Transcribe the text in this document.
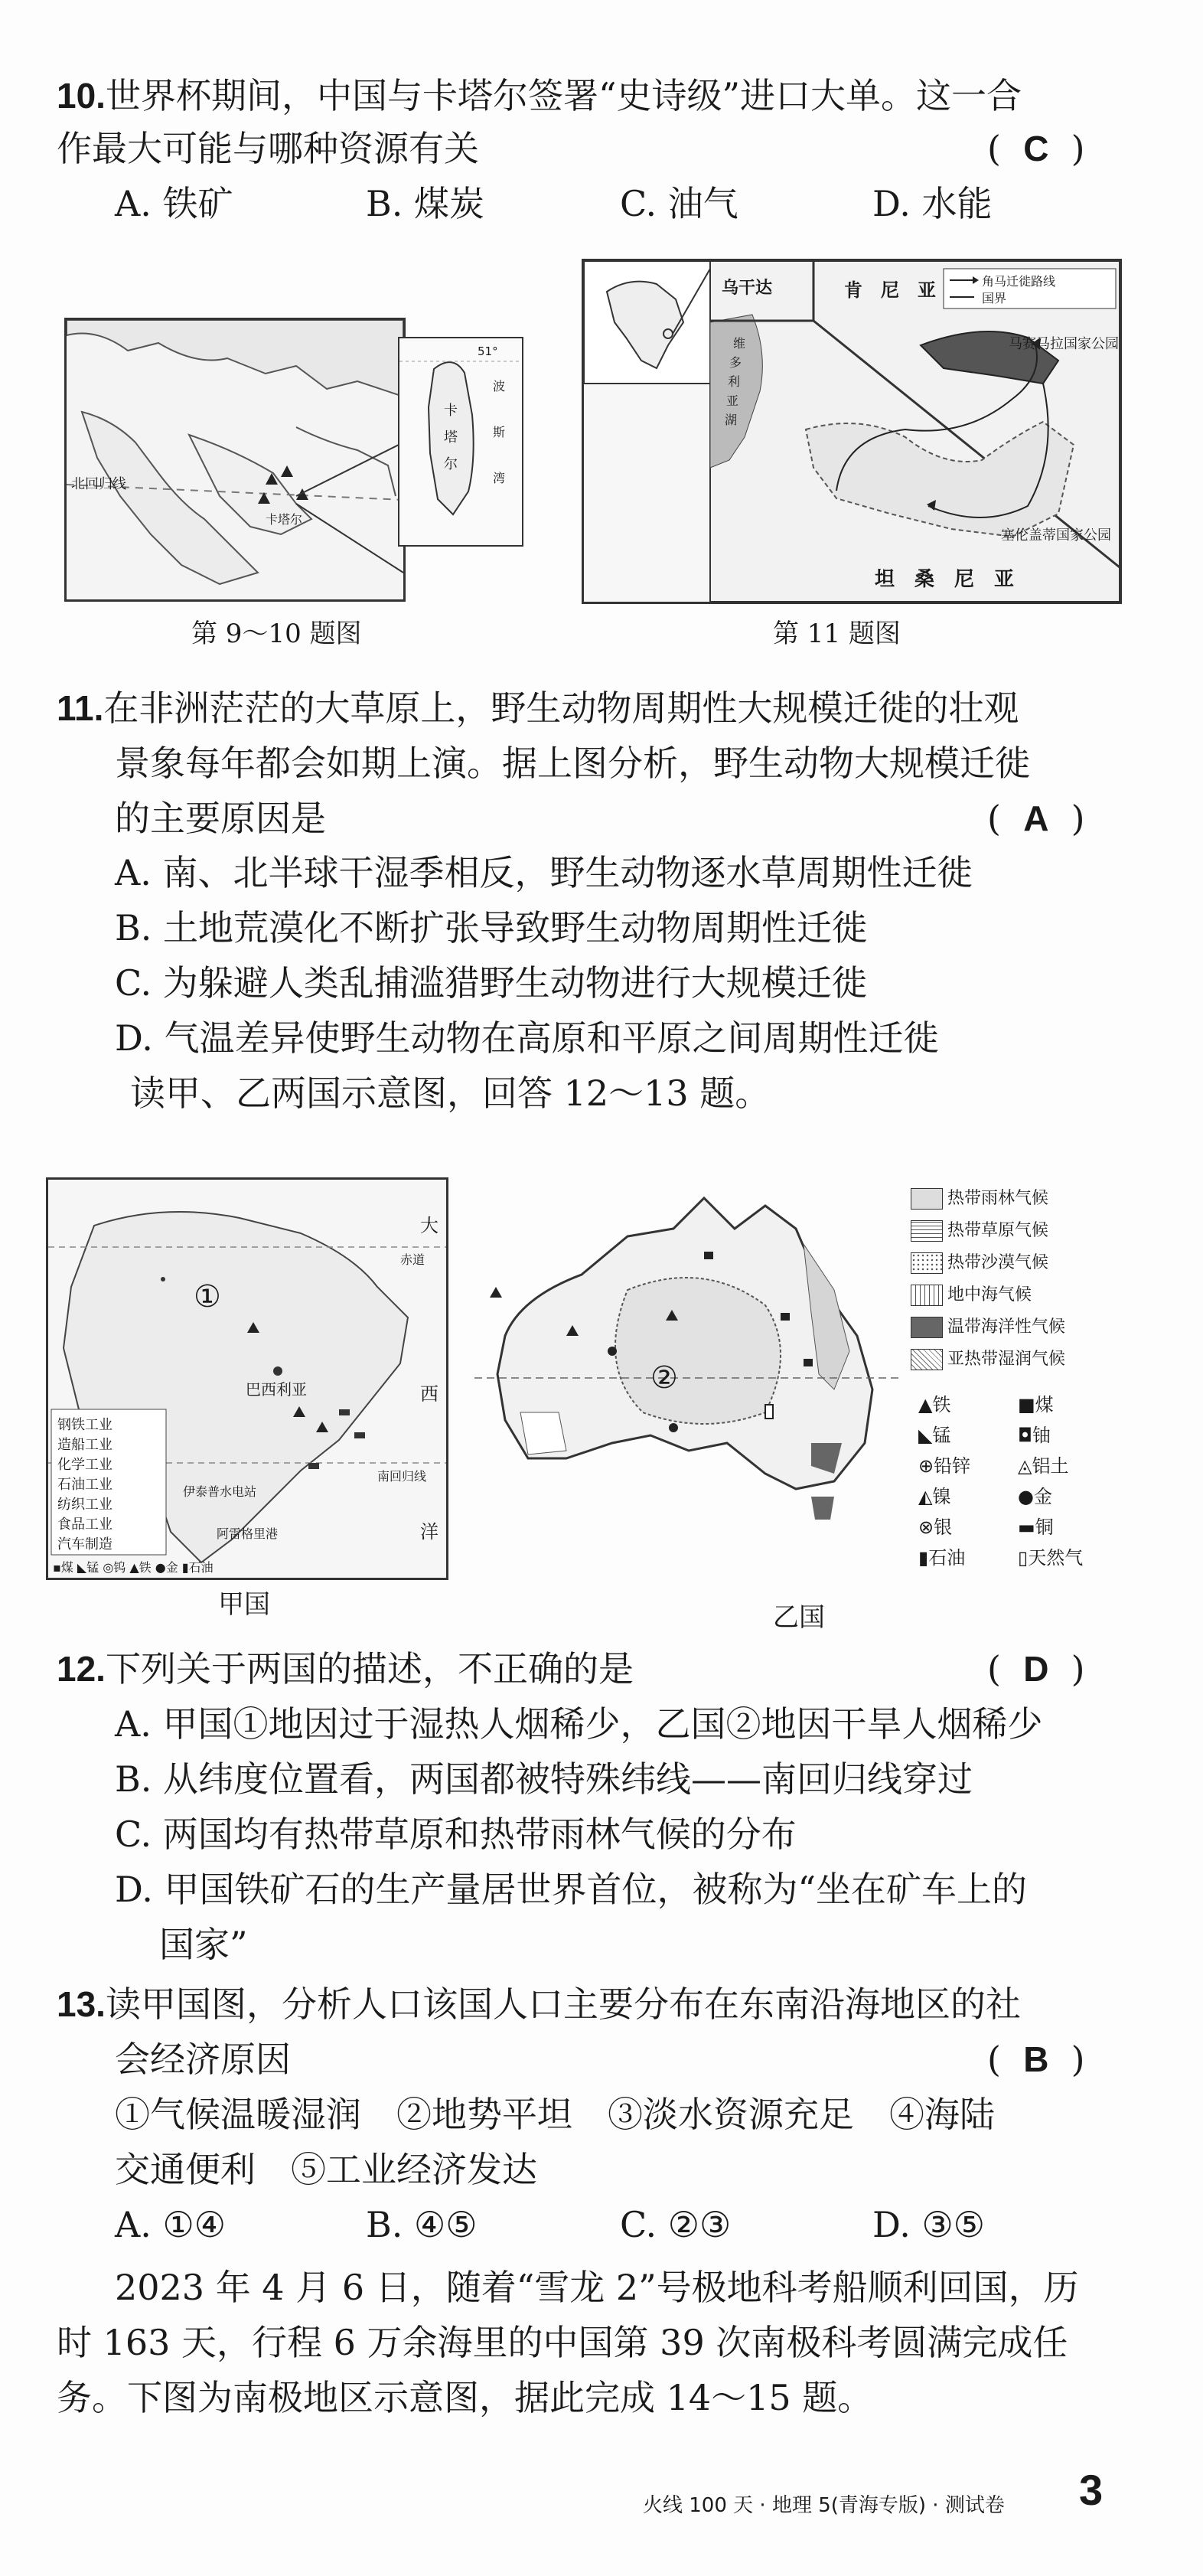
10.世界杯期间，中国与卡塔尔签署“史诗级”进口大单。这一合
作最大可能与哪种资源有关	(  C  )
A. 铁矿	B. 煤炭	C. 油气	D. 水能
北回归线
卡塔尔
51°
波
斯
湾
卡
塔
尔
第 9～10 题图
乌干达	肯　尼　亚
坦　桑　尼　亚
马赛马拉国家公园
塞伦盖蒂国家公园
角马迁徙路线
国界
维
多
利
亚
湖
第 11 题图
11.在非洲茫茫的大草原上，野生动物周期性大规模迁徙的壮观
景象每年都会如期上演。据上图分析，野生动物大规模迁徙
的主要原因是	(  A  )
A. 南、北半球干湿季相反，野生动物逐水草周期性迁徙
B. 土地荒漠化不断扩张导致野生动物周期性迁徙
C. 为躲避人类乱捕滥猎野生动物进行大规模迁徙
D. 气温差异使野生动物在高原和平原之间周期性迁徙
读甲、乙两国示意图，回答 12～13 题。
①
巴西利亚
大
西
洋
赤道
南回归线
伊泰普水电站
阿雷格里港
钢铁工业
造船工业
化学工业
石油工业
纺织工业
食品工业
汽车制造
▪煤 ◣锰 ◎钨 ▲铁 ●金 ▮石油
甲国
②
热带雨林气候
热带草原气候
热带沙漠气候
地中海气候
温带海洋性气候
亚热带湿润气候
▲铁	■煤
◣锰	◘铀
⊕铅锌	◬铝土
◭镍	●金
⊗银	▬铜
▮石油	▯天然气
乙国
12.下列关于两国的描述，不正确的是	(  D  )
A. 甲国①地因过于湿热人烟稀少，乙国②地因干旱人烟稀少
B. 从纬度位置看，两国都被特殊纬线——南回归线穿过
C. 两国均有热带草原和热带雨林气候的分布
D. 甲国铁矿石的生产量居世界首位，被称为“坐在矿车上的
国家”
13.读甲国图，分析人口该国人口主要分布在东南沿海地区的社
会经济原因	(  B  )
①气候温暖湿润　②地势平坦　③淡水资源充足　④海陆
交通便利　⑤工业经济发达
A. ①④	B. ④⑤	C. ②③	D. ③⑤
2023 年 4 月 6 日，随着“雪龙 2”号极地科考船顺利回国，历
时 163 天，行程 6 万余海里的中国第 39 次南极科考圆满完成任
务。下图为南极地区示意图，据此完成 14～15 题。
火线 100 天 · 地理 5(青海专版) · 测试卷 3
